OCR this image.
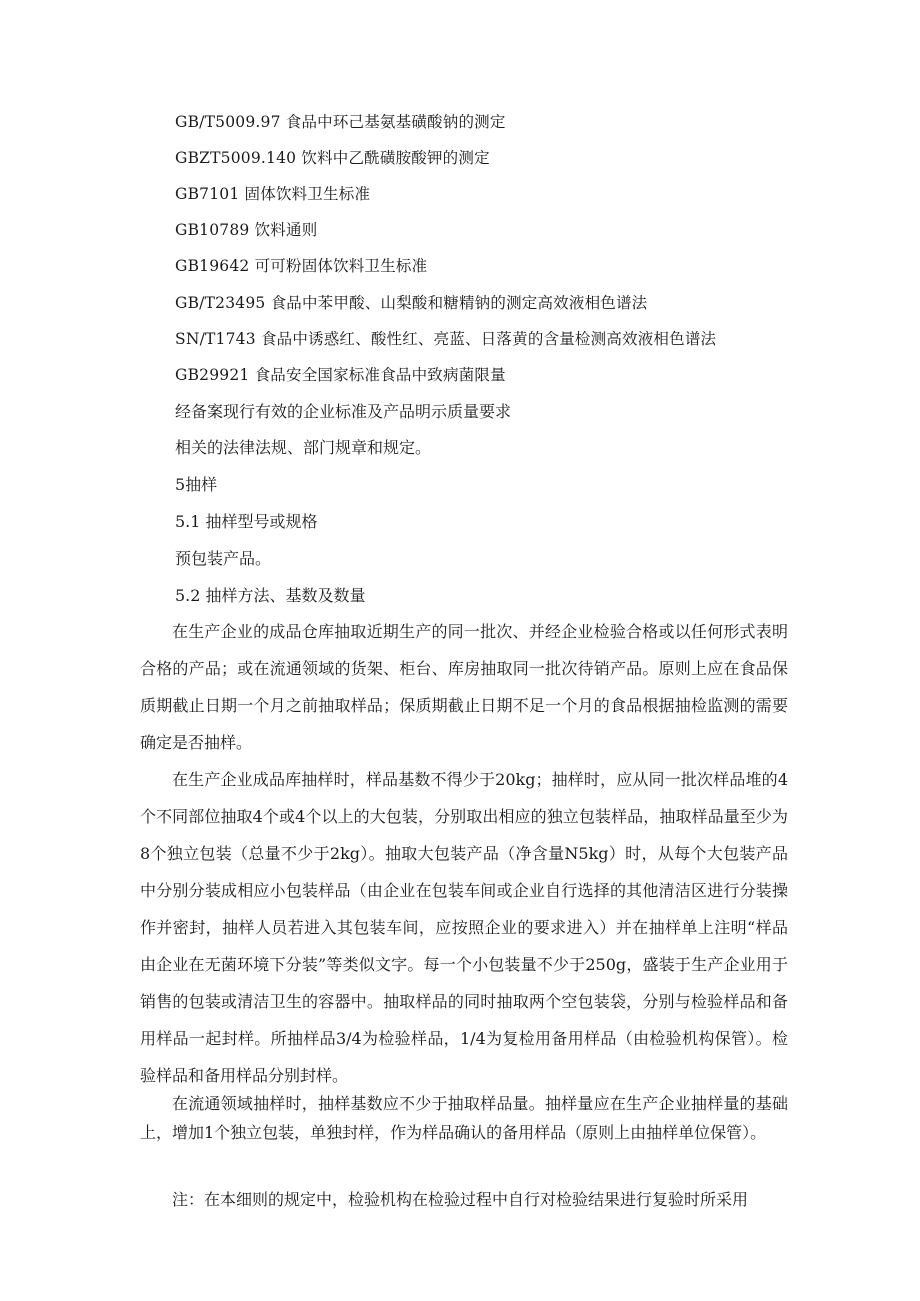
GB/T5009.97 食品中环己基氨基磺酸钠的测定
GBZT5009.140 饮料中乙酰磺胺酸钾的测定
GB7101 固体饮料卫生标准
GB10789 饮料通则
GB19642 可可粉固体饮料卫生标准
GB/T23495 食品中苯甲酸、山梨酸和糖精钠的测定高效液相色谱法
SN/T1743 食品中诱惑红、酸性红、亮蓝、日落黄的含量检测高效液相色谱法
GB29921 食品安全国家标准食品中致病菌限量
经备案现行有效的企业标准及产品明示质量要求
相关的法律法规、部门规章和规定。
5抽样
5.1 抽样型号或规格
预包装产品。
5.2 抽样方法、基数及数量

在生产企业的成品仓库抽取近期生产的同一批次、并经企业检验合格或以任何形式表明合格的产品；或在流通领域的货架、柜台、库房抽取同一批次待销产品。原则上应在食品保质期截止日期一个月之前抽取样品；保质期截止日期不足一个月的食品根据抽检监测的需要确定是否抽样。

在生产企业成品库抽样时，样品基数不得少于20kg；抽样时，应从同一批次样品堆的4个不同部位抽取4个或4个以上的大包装，分别取出相应的独立包装样品，抽取样品量至少为8个独立包装（总量不少于2kg）。抽取大包装产品（净含量N5kg）时，从每个大包装产品中分别分装成相应小包装样品（由企业在包装车间或企业自行选择的其他清洁区进行分装操作并密封，抽样人员若进入其包装车间，应按照企业的要求进入）并在抽样单上注明“样品由企业在无菌环境下分装”等类似文字。每一个小包装量不少于250g，盛装于生产企业用于销售的包装或清洁卫生的容器中。抽取样品的同时抽取两个空包装袋，分别与检验样品和备用样品一起封样。所抽样品3/4为检验样品，1/4为复检用备用样品（由检验机构保管）。检验样品和备用样品分别封样。

在流通领域抽样时，抽样基数应不少于抽取样品量。抽样量应在生产企业抽样量的基础上，增加1个独立包装，单独封样，作为样品确认的备用样品（原则上由抽样单位保管）。

注：在本细则的规定中，检验机构在检验过程中自行对检验结果进行复验时所采用
